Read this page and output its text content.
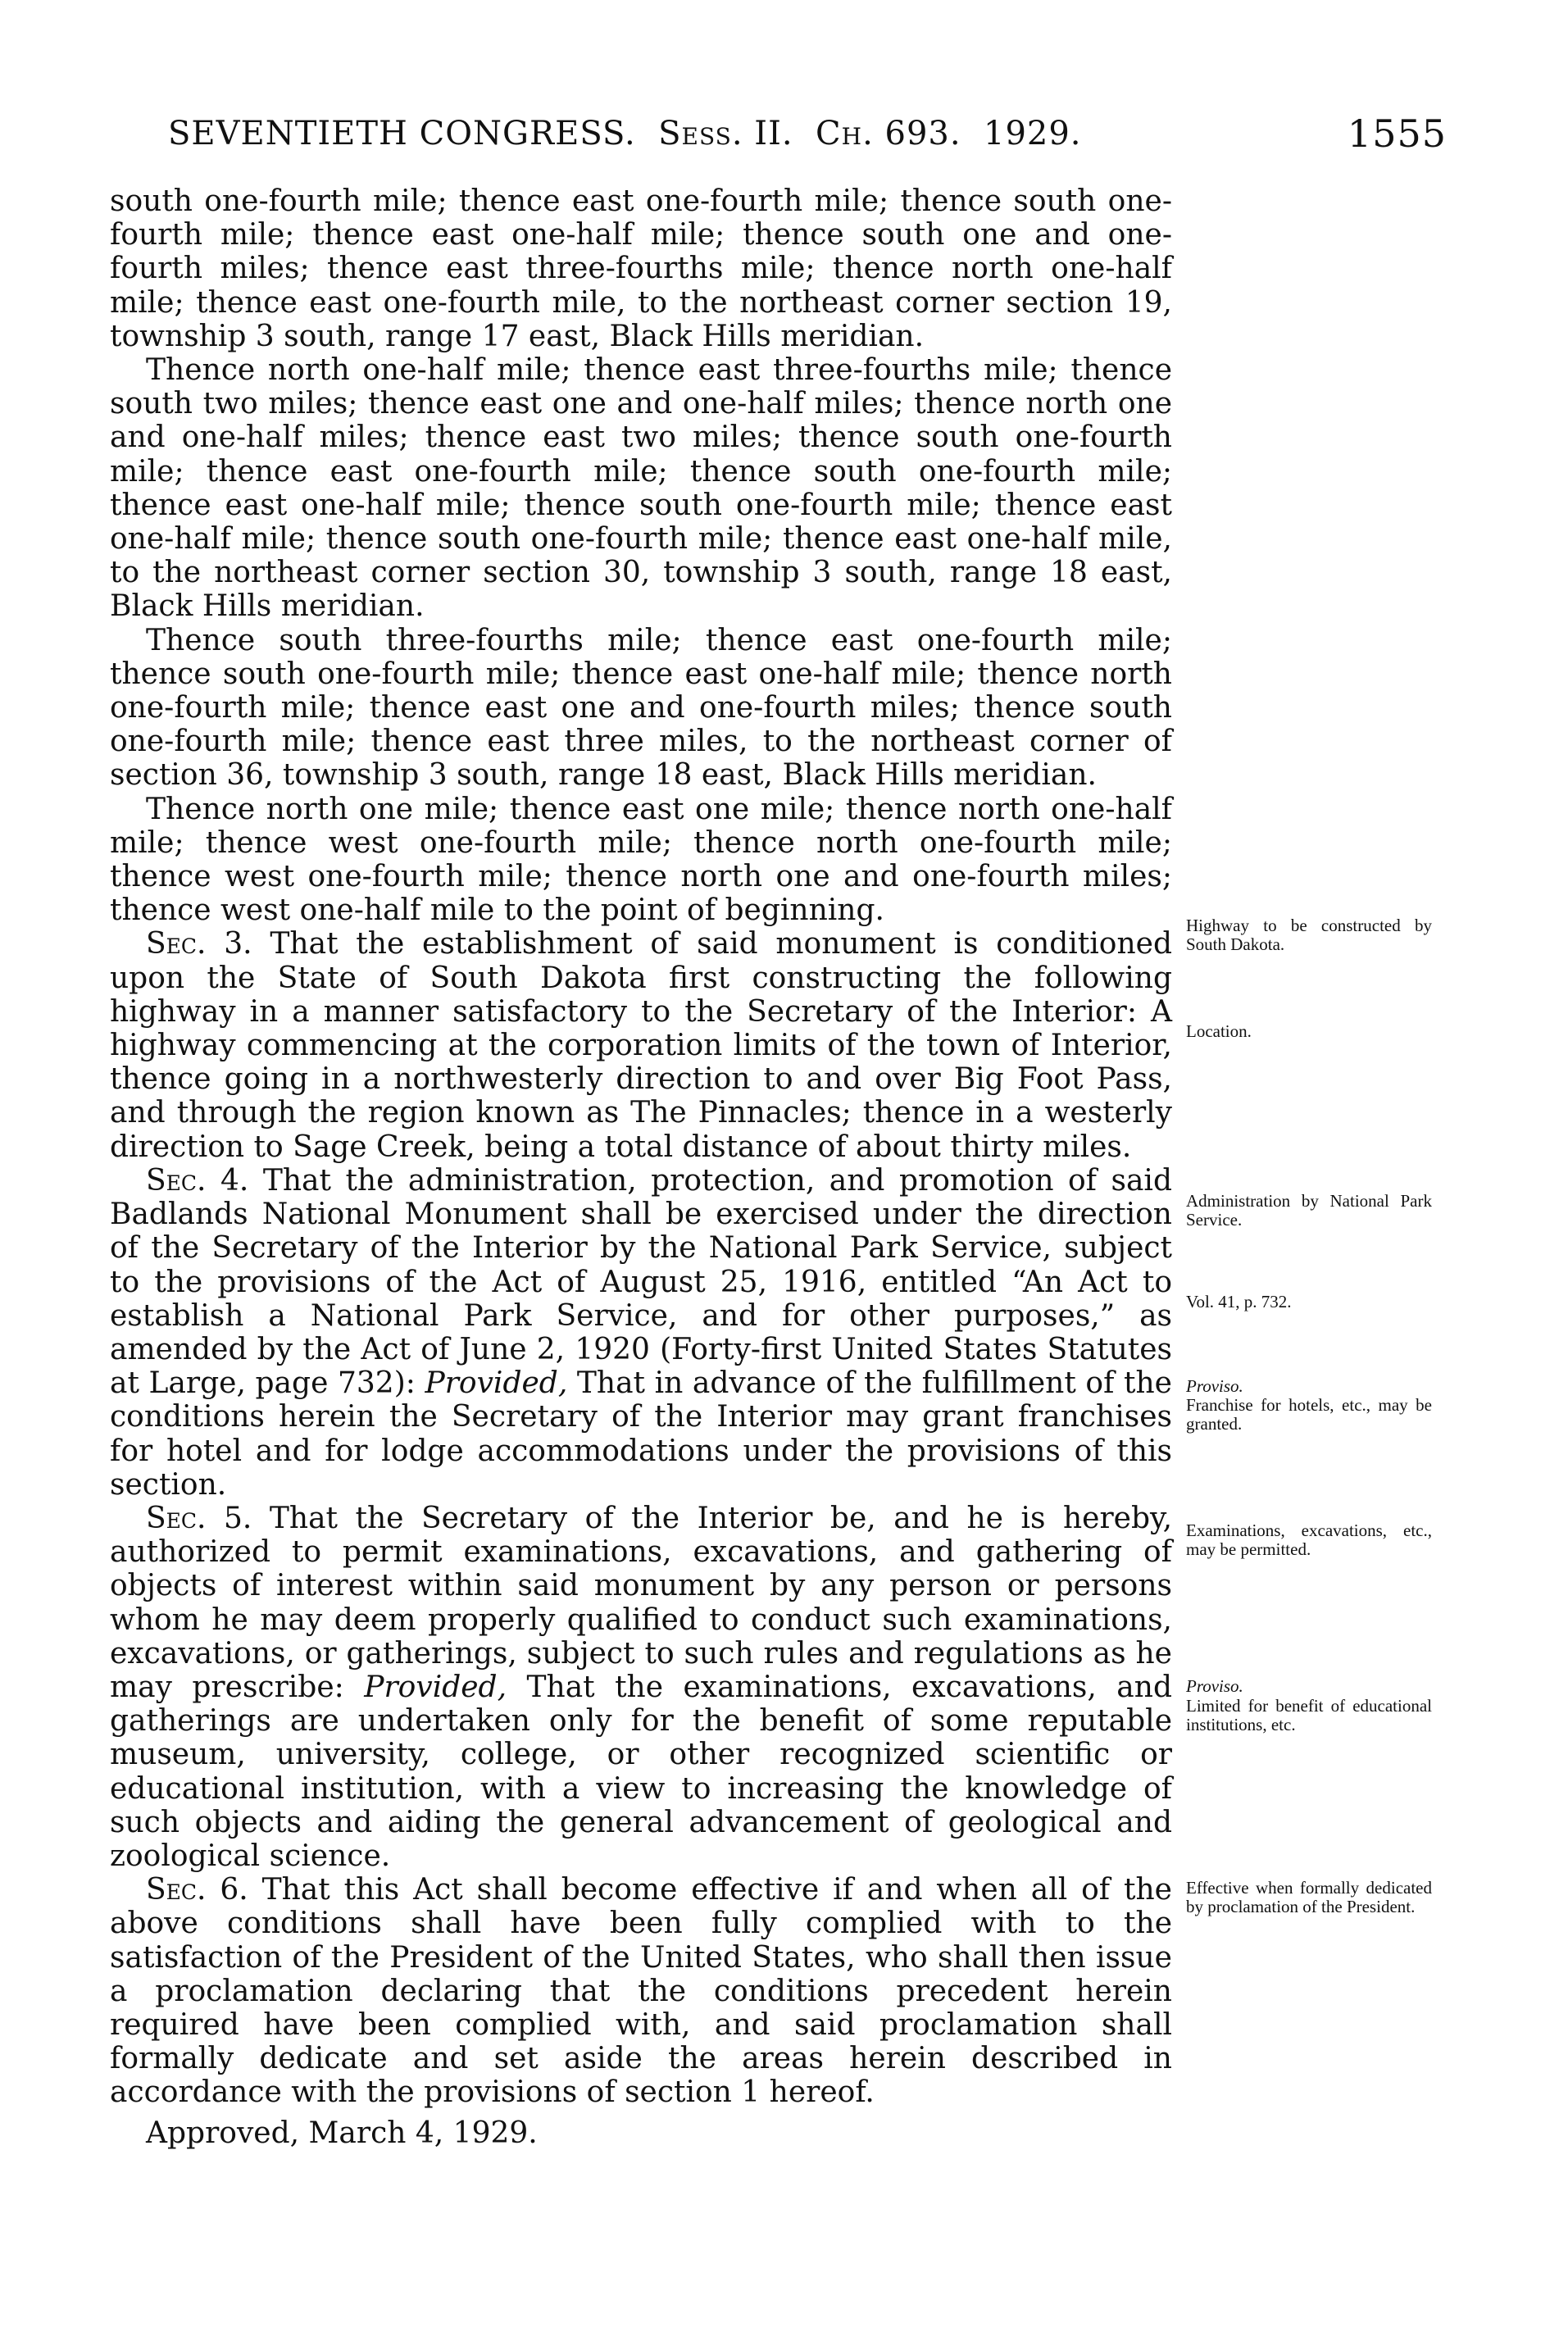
SEVENTIETH CONGRESS. Sess. II. Ch. 693. 1929.	1555

south one-fourth mile; thence east one-fourth mile; thence south one-fourth mile; thence east one-half mile; thence south one and one-fourth miles; thence east three-fourths mile; thence north one-half mile; thence east one-fourth mile, to the northeast corner section 19, township 3 south, range 17 east, Black Hills meridian.

Thence north one-half mile; thence east three-fourths mile; thence south two miles; thence east one and one-half miles; thence north one and one-half miles; thence east two miles; thence south one-fourth mile; thence east one-fourth mile; thence south one-fourth mile; thence east one-half mile; thence south one-fourth mile; thence east one-half mile; thence south one-fourth mile; thence east one-half mile, to the northeast corner section 30, township 3 south, range 18 east, Black Hills meridian.

Thence south three-fourths mile; thence east one-fourth mile; thence south one-fourth mile; thence east one-half mile; thence north one-fourth mile; thence east one and one-fourth miles; thence south one-fourth mile; thence east three miles, to the northeast corner of section 36, township 3 south, range 18 east, Black Hills meridian.

Thence north one mile; thence east one mile; thence north one-half mile; thence west one-fourth mile; thence north one-fourth mile; thence west one-fourth mile; thence north one and one-fourth miles; thence west one-half mile to the point of beginning.

Sec. 3. That the establishment of said monument is conditioned upon the State of South Dakota first constructing the following highway in a manner satisfactory to the Secretary of the Interior: A highway commencing at the corporation limits of the town of Interior, thence going in a northwesterly direction to and over Big Foot Pass, and through the region known as The Pinnacles; thence in a westerly direction to Sage Creek, being a total distance of about thirty miles.

Sec. 4. That the administration, protection, and promotion of said Badlands National Monument shall be exercised under the direction of the Secretary of the Interior by the National Park Service, subject to the provisions of the Act of August 25, 1916, entitled “An Act to establish a National Park Service, and for other purposes,” as amended by the Act of June 2, 1920 (Forty-first United States Statutes at Large, page 732): Provided, That in advance of the fulfillment of the conditions herein the Secretary of the Interior may grant franchises for hotel and for lodge accommodations under the provisions of this section.

Sec. 5. That the Secretary of the Interior be, and he is hereby, authorized to permit examinations, excavations, and gathering of objects of interest within said monument by any person or persons whom he may deem properly qualified to conduct such examinations, excavations, or gatherings, subject to such rules and regulations as he may prescribe: Provided, That the examinations, excavations, and gatherings are undertaken only for the benefit of some reputable museum, university, college, or other recognized scientific or educational institution, with a view to increasing the knowledge of such objects and aiding the general advancement of geological and zoological science.

Sec. 6. That this Act shall become effective if and when all of the above conditions shall have been fully complied with to the satisfaction of the President of the United States, who shall then issue a proclamation declaring that the conditions precedent herein required have been complied with, and said proclamation shall formally dedicate and set aside the areas herein described in accordance with the provisions of section 1 hereof.

Approved, March 4, 1929.

Highway to be constructed by South Dakota.
Location.
Administration by National Park Service.
Vol. 41, p. 732.
Proviso.
Franchise for hotels, etc., may be granted.
Examinations, excavations, etc., may be permitted.
Proviso.
Limited for benefit of educational institutions, etc.
Effective when formally dedicated by proclamation of the President.
